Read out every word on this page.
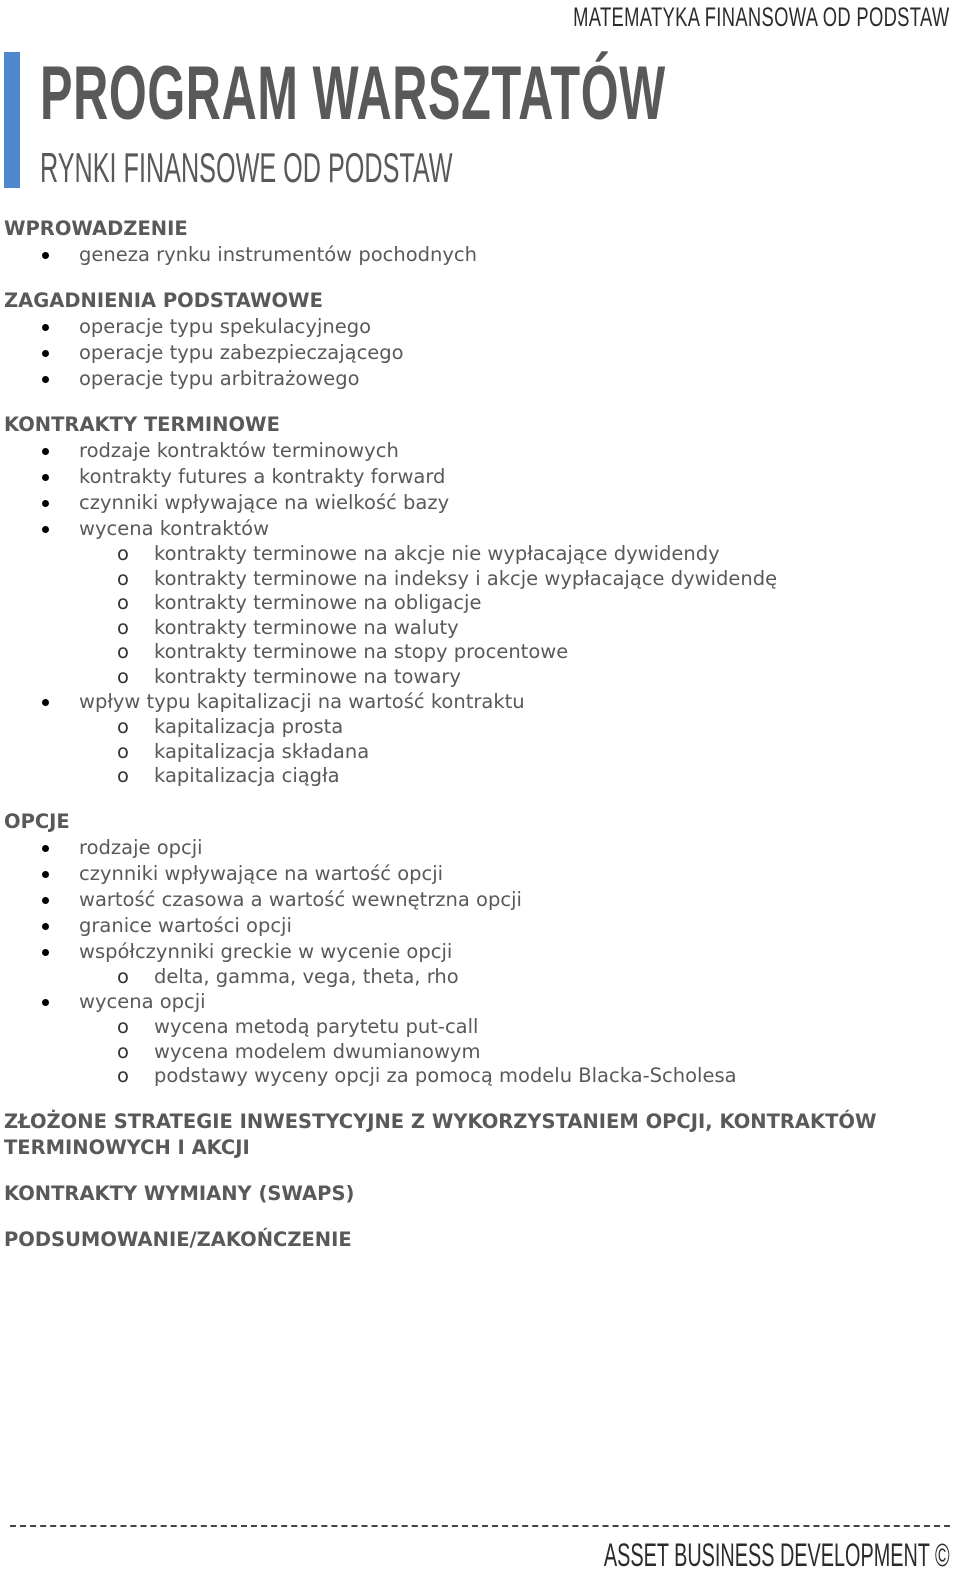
MATEMATYKA FINANSOWA OD PODSTAW
PROGRAM WARSZTATÓW
RYNKI FINANSOWE OD PODSTAW
WPROWADZENIE
geneza rynku instrumentów pochodnych
ZAGADNIENIA PODSTAWOWE
operacje typu spekulacyjnego
operacje typu zabezpieczającego
operacje typu arbitrażowego
KONTRAKTY TERMINOWE
rodzaje kontraktów terminowych
kontrakty futures a kontrakty forward
czynniki wpływające na wielkość bazy
wycena kontraktów
o kontrakty terminowe na akcje nie wypłacające dywidendy
o kontrakty terminowe na indeksy i akcje wypłacające dywidendę
o kontrakty terminowe na obligacje
o kontrakty terminowe na waluty
o kontrakty terminowe na stopy procentowe
o kontrakty terminowe na towary
wpływ typu kapitalizacji na wartość kontraktu
o kapitalizacja prosta
o kapitalizacja składana
o kapitalizacja ciągła
OPCJE
rodzaje opcji
czynniki wpływające na wartość opcji
wartość czasowa a wartość wewnętrzna opcji
granice wartości opcji
współczynniki greckie w wycenie opcji
o delta, gamma, vega, theta, rho
wycena opcji
o wycena metodą parytetu put-call
o wycena modelem dwumianowym
o podstawy wyceny opcji za pomocą modelu Blacka-Scholesa
ZŁOŻONE STRATEGIE INWESTYCYJNE Z WYKORZYSTANIEM OPCJI, KONTRAKTÓW TERMINOWYCH I AKCJI
KONTRAKTY WYMIANY (SWAPS)
PODSUMOWANIE/ZAKOŃCZENIE
ASSET BUSINESS DEVELOPMENT ©
